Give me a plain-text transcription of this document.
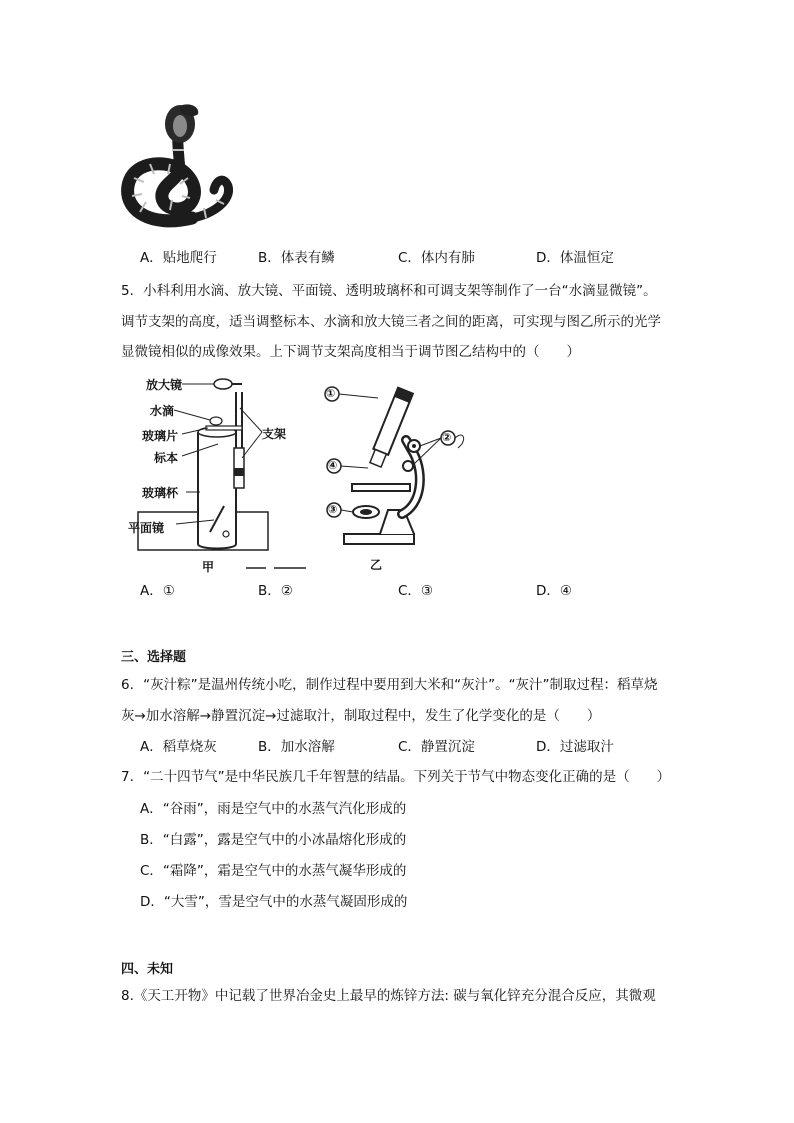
A．贴地爬行	B．体表有鳞	C．体内有肺	D．体温恒定
5．小科利用水滴、放大镜、平面镜、透明玻璃杯和可调支架等制作了一台“水滴显微镜”。
调节支架的高度，适当调整标本、水滴和放大镜三者之间的距离，可实现与图乙所示的光学
显微镜相似的成像效果。上下调节支架高度相当于调节图乙结构中的（　　）
放大镜
水滴
玻璃片
标本
玻璃杯
平面镜
支架
甲
①
②
③
④
乙
A．①	B．②	C．③	D．④
三、选择题
6．“灰汁粽”是温州传统小吃，制作过程中要用到大米和“灰汁”。“灰汁”制取过程：稻草烧
灰→加水溶解→静置沉淀→过滤取汁，制取过程中，发生了化学变化的是（　　）
A．稻草烧灰	B．加水溶解	C．静置沉淀	D．过滤取汁
7．“二十四节气”是中华民族几千年智慧的结晶。下列关于节气中物态变化正确的是（　　）
A．“谷雨”，雨是空气中的水蒸气汽化形成的
B．“白露”，露是空气中的小冰晶熔化形成的
C．“霜降”，霜是空气中的水蒸气凝华形成的
D．“大雪”，雪是空气中的水蒸气凝固形成的
四、未知
8.《天工开物》中记载了世界冶金史上最早的炼锌方法: 碳与氧化锌充分混合反应，其微观
